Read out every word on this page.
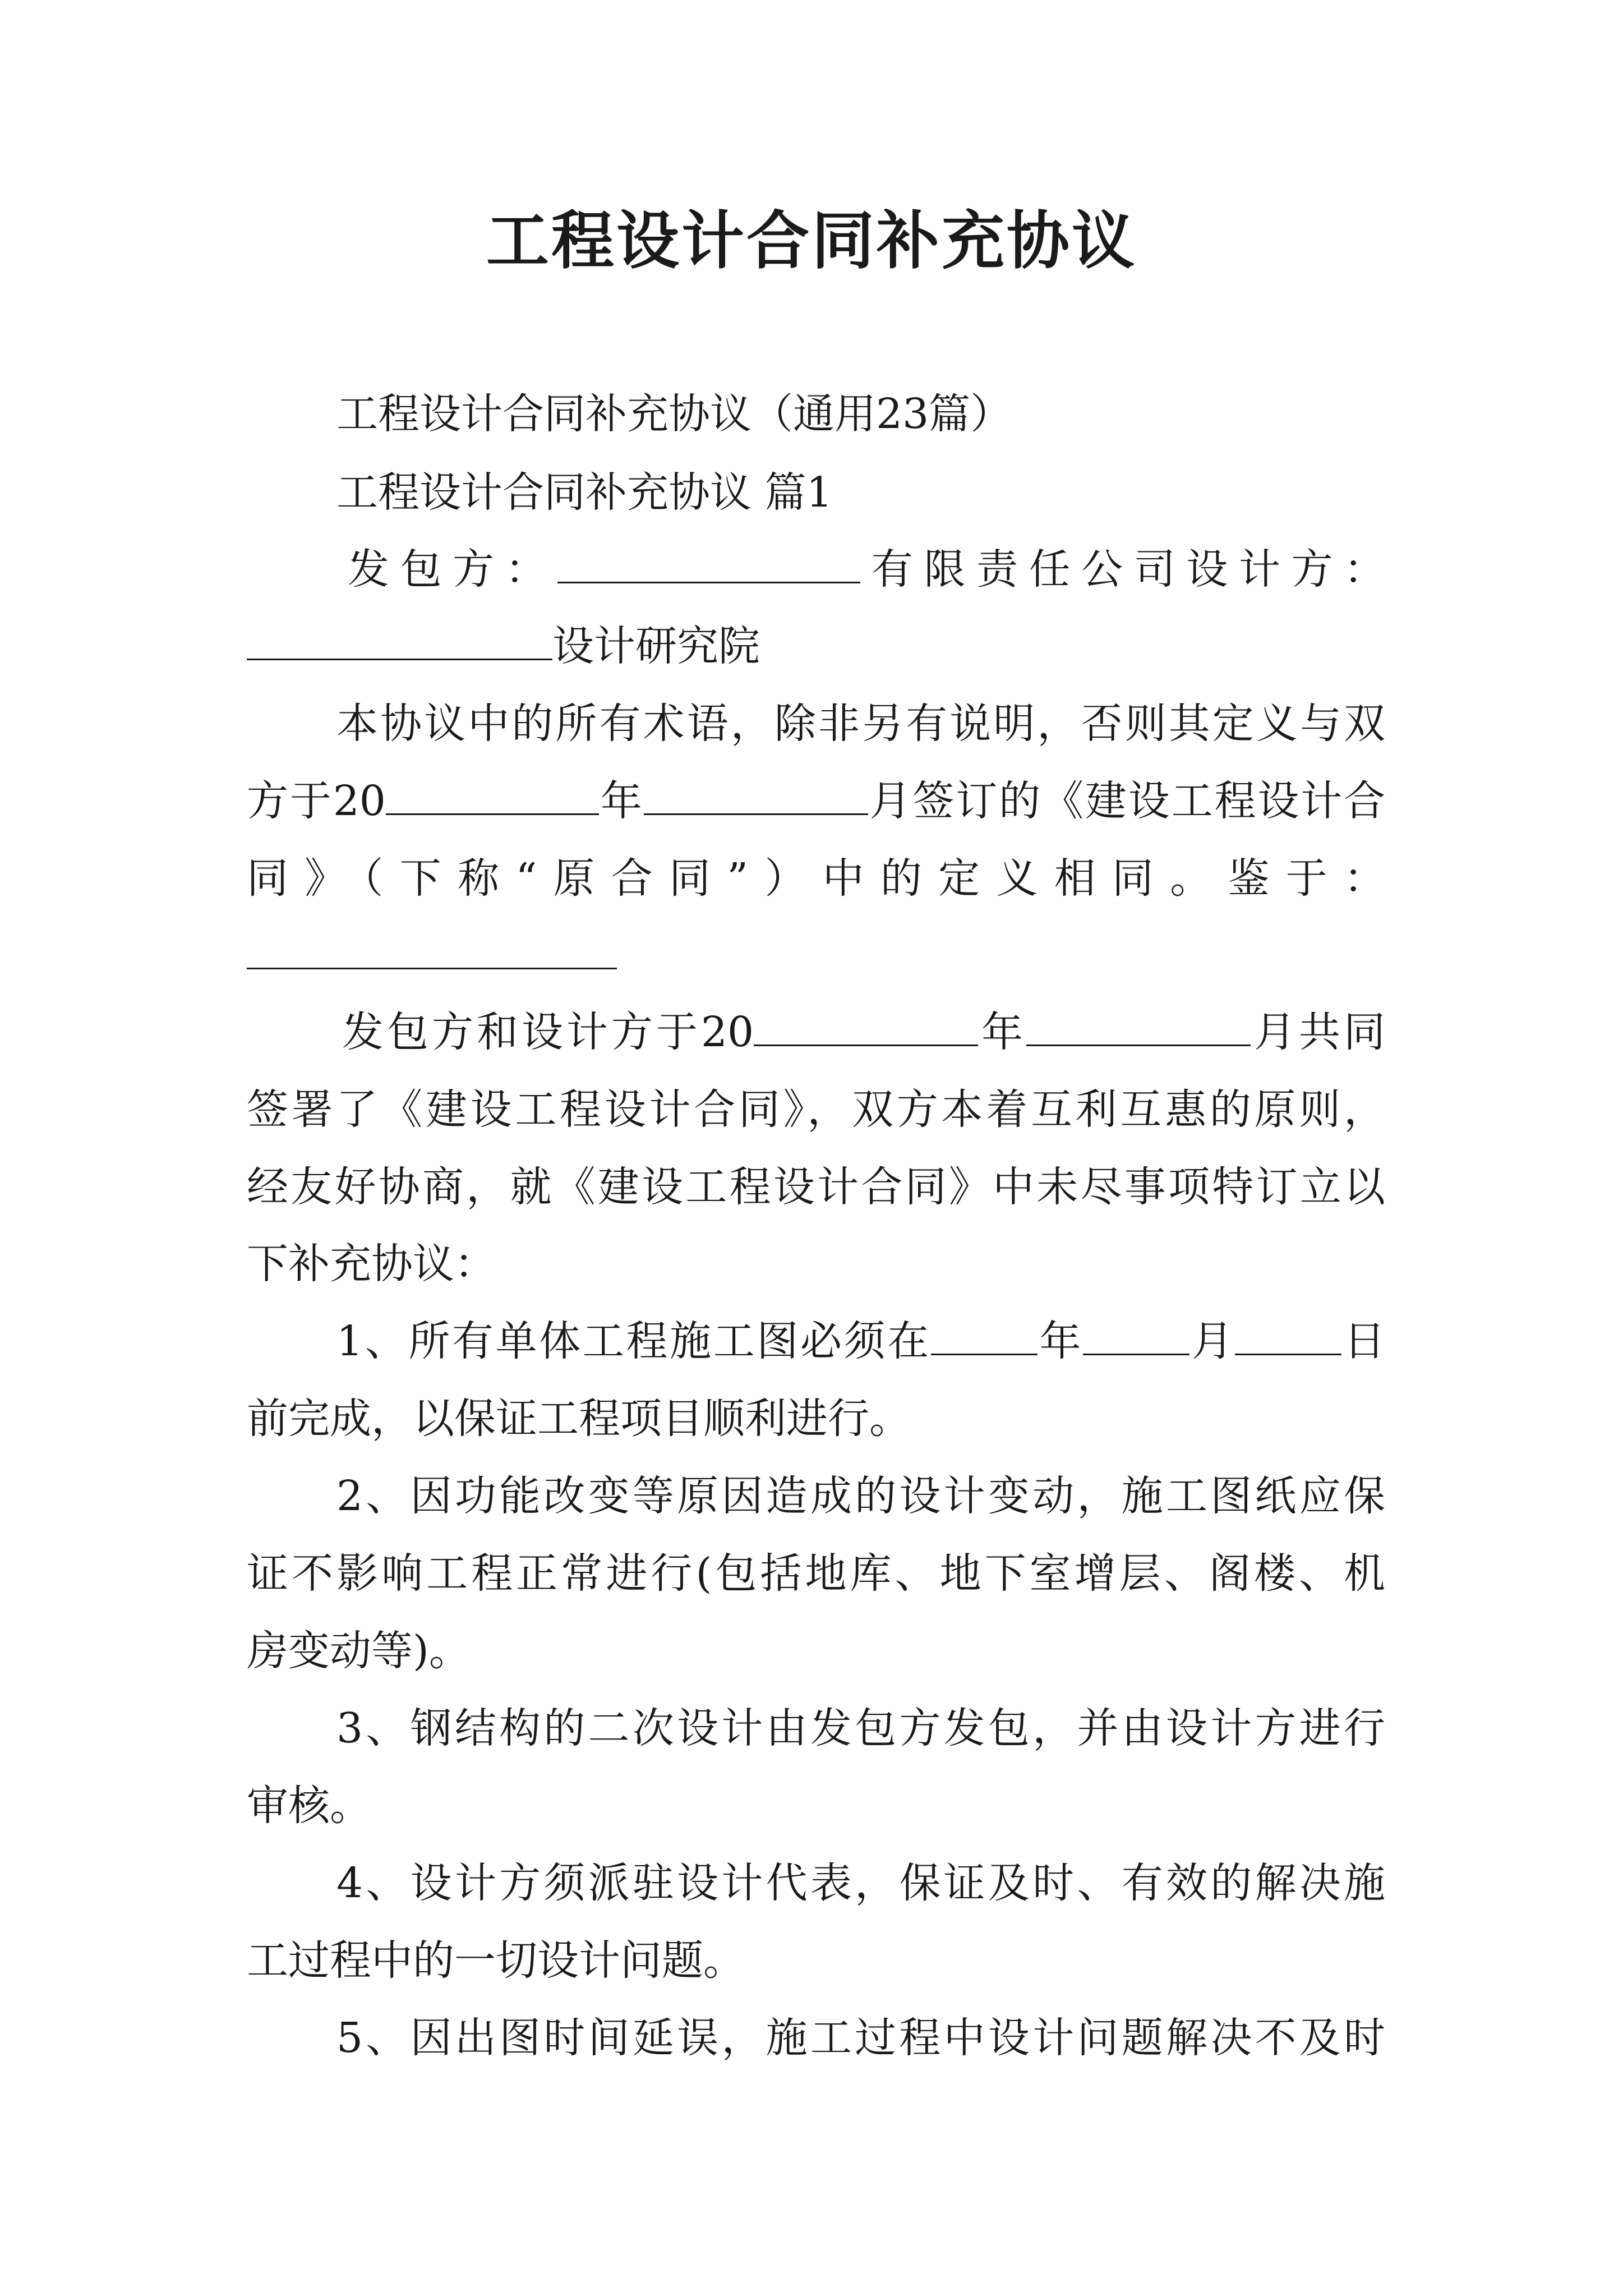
工程设计合同补充协议
工程设计合同补充协议（通用23篇）
工程设计合同补充协议 篇1
发包方：	有限责任公司设计方：
设计研究院
本协议中的所有术语，除非另有说明，否则其定义与双
方于20	年	月签订的《建设工程设计合
同》（下称“原合同”）中的定义相同。鉴于：
发包方和设计方于20	年	月共同
签署了《建设工程设计合同》，双方本着互利互惠的原则，
经友好协商，就《建设工程设计合同》中未尽事项特订立以
下补充协议：
1、所有单体工程施工图必须在	年	月	日
前完成，以保证工程项目顺利进行。
2、因功能改变等原因造成的设计变动，施工图纸应保
证不影响工程正常进行(包括地库、地下室增层、阁楼、机
房变动等)。
3、钢结构的二次设计由发包方发包，并由设计方进行
审核。
4、设计方须派驻设计代表，保证及时、有效的解决施
工过程中的一切设计问题。
5、因出图时间延误，施工过程中设计问题解决不及时
